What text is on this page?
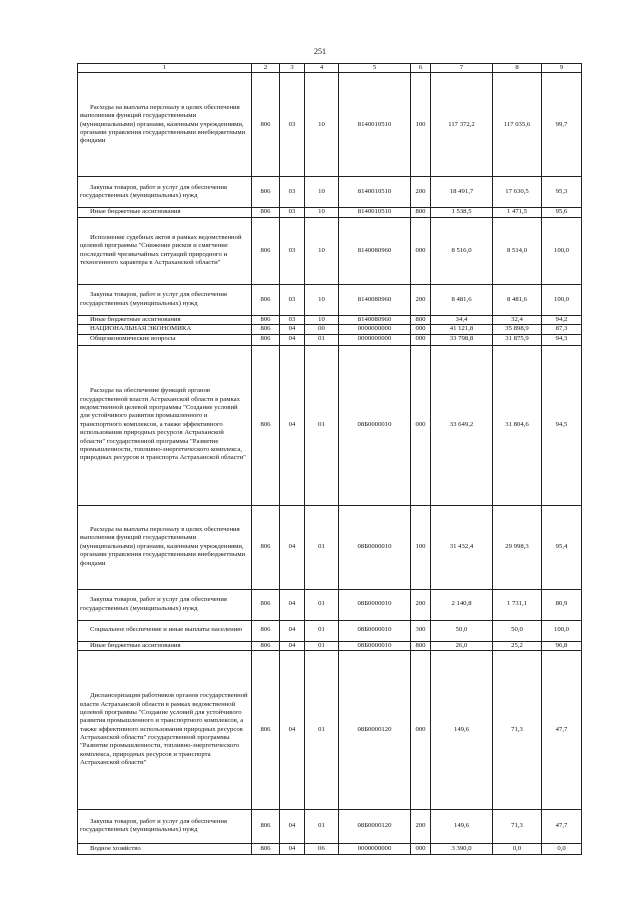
251
1	2	3	4	5	6	7	8	9

Расходы на выплаты персоналу в целях обеспечения выполнения функций государственными (муниципальными) органами, казенными учреждениями, органами управления государственными внебюджетными фондами	806	03	10	8140010510	100	117 372,2	117 035,6	99,7

Закупка товаров, работ и услуг для обеспечения государственных (муниципальных) нужд	806	03	10	8140010510	200	18 491,7	17 630,5	95,3

Иные бюджетные ассигнования	806	03	10	8140010510	800	1 538,5	1 471,5	95,6

Исполнение судебных актов в рамках ведомственной целевой программы "Снижение рисков и смягчение последствий чрезвычайных ситуаций природного и техногенного характера в Астраханской области"	806	03	10	8140080960	000	8 516,0	8 514,0	100,0

Закупка товаров, работ и услуг для обеспечения государственных (муниципальных) нужд	806	03	10	8140080960	200	8 481,6	8 481,6	100,0

Иные бюджетные ассигнования	806	03	10	8140080960	800	34,4	32,4	94,2

НАЦИОНАЛЬНАЯ ЭКОНОМИКА	806	04	00	0000000000	000	41 121,8	35 898,9	87,3

Общеэкономические вопросы	806	04	01	0000000000	000	33 798,8	31 875,9	94,3

Расходы на обеспечение функций органов государственной власти Астраханской области в рамках ведомственной целевой программы "Создание условий для устойчивого развития промышленного и транспортного комплексов, а также эффективного использования природных ресурсов Астраханской области" государственной программы "Развитие промышленности, топливно-энергетического комплекса, природных ресурсов и транспорта Астраханской области"	806	04	01	08Б0000010	000	33 649,2	31 804,6	94,5

Расходы на выплаты персоналу в целях обеспечения выполнения функций государственными (муниципальными) органами, казенными учреждениями, органами управления государственными внебюджетными фондами	806	04	01	08Б0000010	100	31 432,4	29 998,3	95,4

Закупка товаров, работ и услуг для обеспечения государственных (муниципальных) нужд	806	04	01	08Б0000010	200	2 140,8	1 731,1	80,9

Социальное обеспечение и иные выплаты населению	806	04	01	08Б0000010	300	50,0	50,0	100,0

Иные бюджетные ассигнования	806	04	01	08Б0000010	800	26,0	25,2	96,8

Диспансеризация работников органов государственной власти Астраханской области в рамках ведомственной целевой программы "Создание условий для устойчивого развития промышленного и транспортного комплексов, а также эффективного использования природных ресурсов Астраханской области" государственной программы "Развитие промышленности, топливно-энергетического комплекса, природных ресурсов и транспорта Астраханской области"	806	04	01	08Б0000120	000	149,6	71,3	47,7

Закупка товаров, работ и услуг для обеспечения государственных (муниципальных) нужд	806	04	01	08Б0000120	200	149,6	71,3	47,7

Водное хозяйство	806	04	06	0000000000	000	3 390,0	0,0	0,0
